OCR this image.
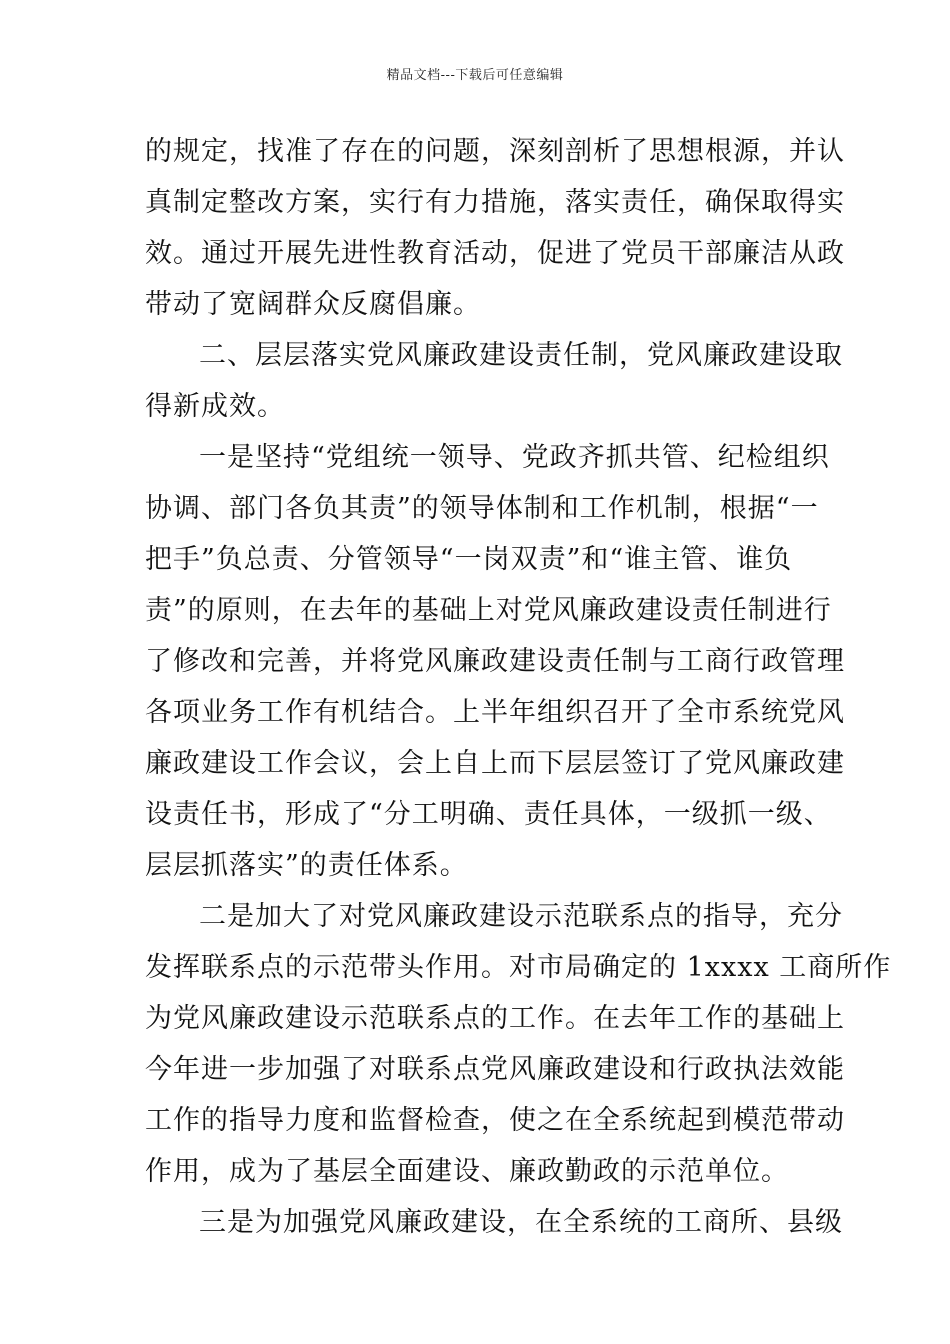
精品文档---下载后可任意编辑
的规定，找准了存在的问题，深刻剖析了思想根源，并认
真制定整改方案，实行有力措施，落实责任，确保取得实
效。通过开展先进性教育活动，促进了党员干部廉洁从政
带动了宽阔群众反腐倡廉。
二、层层落实党风廉政建设责任制，党风廉政建设取
得新成效。
一是坚持“党组统一领导、党政齐抓共管、纪检组织
协调、部门各负其责”的领导体制和工作机制，根据“一
把手”负总责、分管领导“一岗双责”和“谁主管、谁负
责”的原则，在去年的基础上对党风廉政建设责任制进行
了修改和完善，并将党风廉政建设责任制与工商行政管理
各项业务工作有机结合。上半年组织召开了全市系统党风
廉政建设工作会议，会上自上而下层层签订了党风廉政建
设责任书，形成了“分工明确、责任具体，一级抓一级、
层层抓落实”的责任体系。
二是加大了对党风廉政建设示范联系点的指导，充分
发挥联系点的示范带头作用。对市局确定的 1xxxx 工商所作
为党风廉政建设示范联系点的工作。在去年工作的基础上
今年进一步加强了对联系点党风廉政建设和行政执法效能
工作的指导力度和监督检查，使之在全系统起到模范带动
作用，成为了基层全面建设、廉政勤政的示范单位。
三是为加强党风廉政建设，在全系统的工商所、县级
